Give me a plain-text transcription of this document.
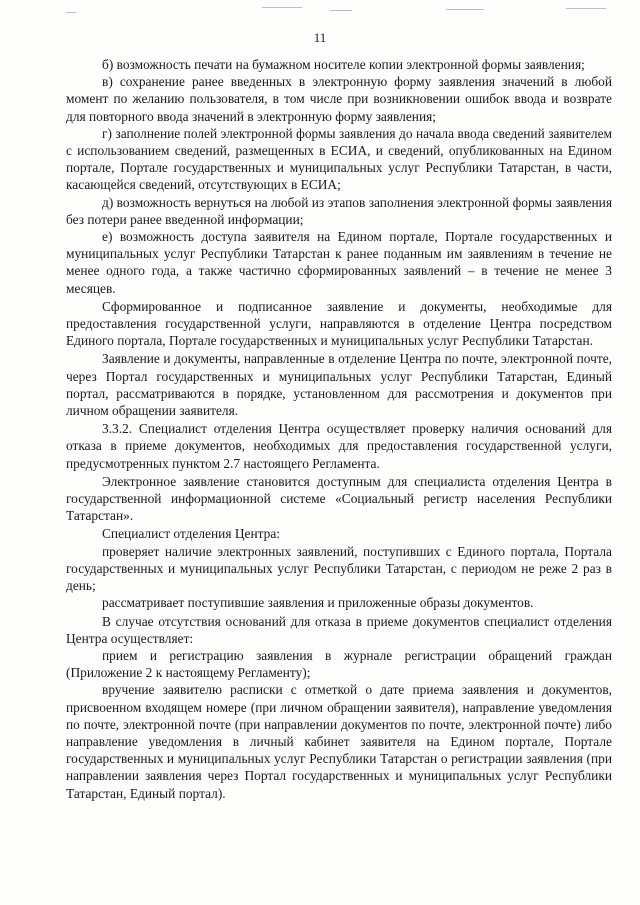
11

б) возможность печати на бумажном носителе копии электронной формы заявления;

в) сохранение ранее введенных в электронную форму заявления значений в любой момент по желанию пользователя, в том числе при возникновении ошибок ввода и возврате для повторного ввода значений в электронную форму заявления;

г) заполнение полей электронной формы заявления до начала ввода сведений заявителем с использованием сведений, размещенных в ЕСИА, и сведений, опубликованных на Едином портале, Портале государственных и муниципальных услуг Республики Татарстан, в части, касающейся сведений, отсутствующих в ЕСИА;

д) возможность вернуться на любой из этапов заполнения электронной формы заявления без потери ранее введенной информации;

е) возможность доступа заявителя на Едином портале, Портале государственных и муниципальных услуг Республики Татарстан к ранее поданным им заявлениям в течение не менее одного года, а также частично сформированных заявлений – в течение не менее 3 месяцев.

Сформированное и подписанное заявление и документы, необходимые для предоставления государственной услуги, направляются в отделение Центра посредством Единого портала, Портале государственных и муниципальных услуг Республики Татарстан.

Заявление и документы, направленные в отделение Центра по почте, электронной почте, через Портал государственных и муниципальных услуг Республики Татарстан, Единый портал, рассматриваются в порядке, установленном для рассмотрения и документов при личном обращении заявителя.

3.3.2. Специалист отделения Центра осуществляет проверку наличия оснований для отказа в приеме документов, необходимых для предоставления государственной услуги, предусмотренных пунктом 2.7 настоящего Регламента.

Электронное заявление становится доступным для специалиста отделения Центра в государственной информационной системе «Социальный регистр населения Республики Татарстан».

Специалист отделения Центра:

проверяет наличие электронных заявлений, поступивших с Единого портала, Портала государственных и муниципальных услуг Республики Татарстан, с периодом не реже 2 раз в день;

рассматривает поступившие заявления и приложенные образы документов.

В случае отсутствия оснований для отказа в приеме документов специалист отделения Центра осуществляет:

прием и регистрацию заявления в журнале регистрации обращений граждан (Приложение 2 к настоящему Регламенту);

вручение заявителю расписки с отметкой о дате приема заявления и документов, присвоенном входящем номере (при личном обращении заявителя), направление уведомления по почте, электронной почте (при направлении документов по почте, электронной почте) либо направление уведомления в личный кабинет заявителя на Едином портале, Портале государственных и муниципальных услуг Республики Татарстан о регистрации заявления (при направлении заявления через Портал государственных и муниципальных услуг Республики Татарстан, Единый портал).
